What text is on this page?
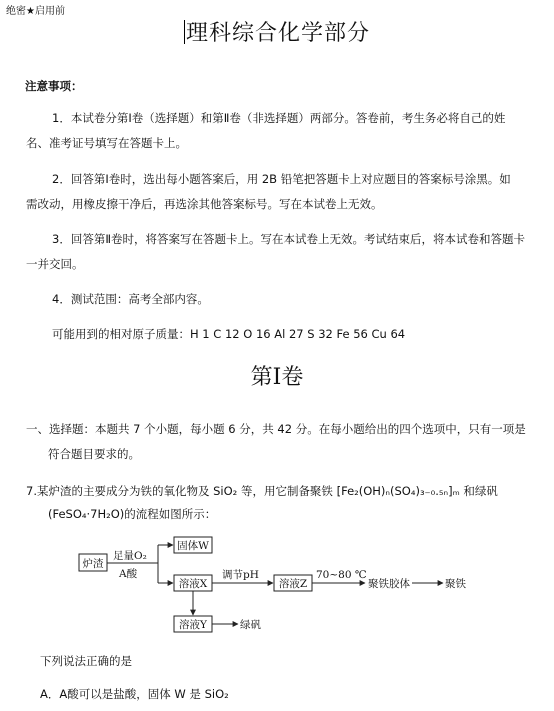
绝密★启用前
理科综合化学部分
注意事项：
1．本试卷分第Ⅰ卷（选择题）和第Ⅱ卷（非选择题）两部分。答卷前，考生务必将自己的姓
名、准考证号填写在答题卡上。
2．回答第Ⅰ卷时，选出每小题答案后，用 2B 铅笔把答题卡上对应题目的答案标号涂黑。如
需改动，用橡皮擦干净后，再选涂其他答案标号。写在本试卷上无效。
3．回答第Ⅱ卷时，将答案写在答题卡上。写在本试卷上无效。考试结束后，将本试卷和答题卡
一并交回。
4．测试范围：高考全部内容。
可能用到的相对原子质量：H 1 C 12 O 16 Al 27 S 32 Fe 56 Cu 64
第Ⅰ卷
一、选择题：本题共 7 个小题，每小题 6 分，共 42 分。在每小题给出的四个选项中，只有一项是
符合题目要求的。
7.某炉渣的主要成分为铁的氧化物及 SiO₂ 等，用它制备聚铁 [Fe₂(OH)ₙ(SO₄)₃₋₀.₅ₙ]ₘ 和绿矾
(FeSO₄·7H₂O)的流程如图所示：
炉渣
足量O₂
A酸
固体W
溶液X
调节pH
溶液Z
70~80 ℃
聚铁胶体	聚铁
溶液Y	绿矾
下列说法正确的是
A．A酸可以是盐酸，固体 W 是 SiO₂
